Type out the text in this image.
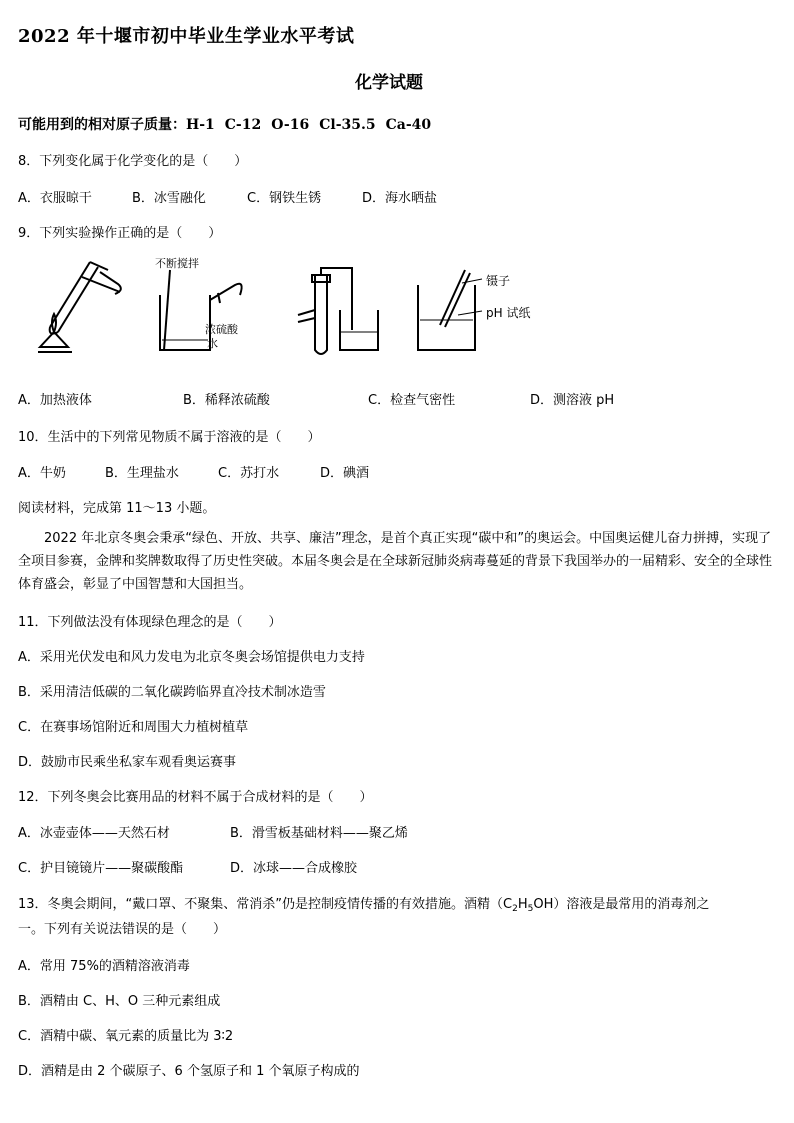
2022 年十堰市初中毕业生学业水平考试
化学试题
可能用到的相对原子质量：H-1 C-12 O-16 Cl-35.5 Ca-40
8．下列变化属于化学变化的是（　　）
A．衣服晾干	B．冰雪融化	C．钢铁生锈	D．海水晒盐
9．下列实验操作正确的是（　　）
不断搅拌
浓硫酸
水
镊子
pH 试纸
A．加热液体	B．稀释浓硫酸	C．检查气密性	D．测溶液 pH
10．生活中的下列常见物质不属于溶液的是（　　）
A．牛奶	B．生理盐水	C．苏打水	D．碘酒
阅读材料，完成第 11～13 小题。
2022 年北京冬奥会秉承“绿色、开放、共享、廉洁”理念，是首个真正实现“碳中和”的奥运会。中国奥运健儿奋力拼搏，实现了全项目参赛，金牌和奖牌数取得了历史性突破。本届冬奥会是在全球新冠肺炎病毒蔓延的背景下我国举办的一届精彩、安全的全球性体育盛会，彰显了中国智慧和大国担当。
11．下列做法没有体现绿色理念的是（　　）
A．采用光伏发电和风力发电为北京冬奥会场馆提供电力支持
B．采用清洁低碳的二氧化碳跨临界直冷技术制冰造雪
C．在赛事场馆附近和周围大力植树植草
D．鼓励市民乘坐私家车观看奥运赛事
12．下列冬奥会比赛用品的材料不属于合成材料的是（　　）
A．冰壶壶体——天然石材	B．滑雪板基础材料——聚乙烯
C．护目镜镜片——聚碳酸酯	D．冰球——合成橡胶
13．冬奥会期间，“戴口罩、不聚集、常消杀”仍是控制疫情传播的有效措施。酒精$(C_2H_5OH)$溶液是最常用的消毒剂之
一。下列有关说法错误的是（　　）
A．常用 75%的酒精溶液消毒
B．酒精由 C、H、O 三种元素组成
C．酒精中碳、氧元素的质量比为 3∶2
D．酒精是由 2 个碳原子、6 个氢原子和 1 个氧原子构成的
